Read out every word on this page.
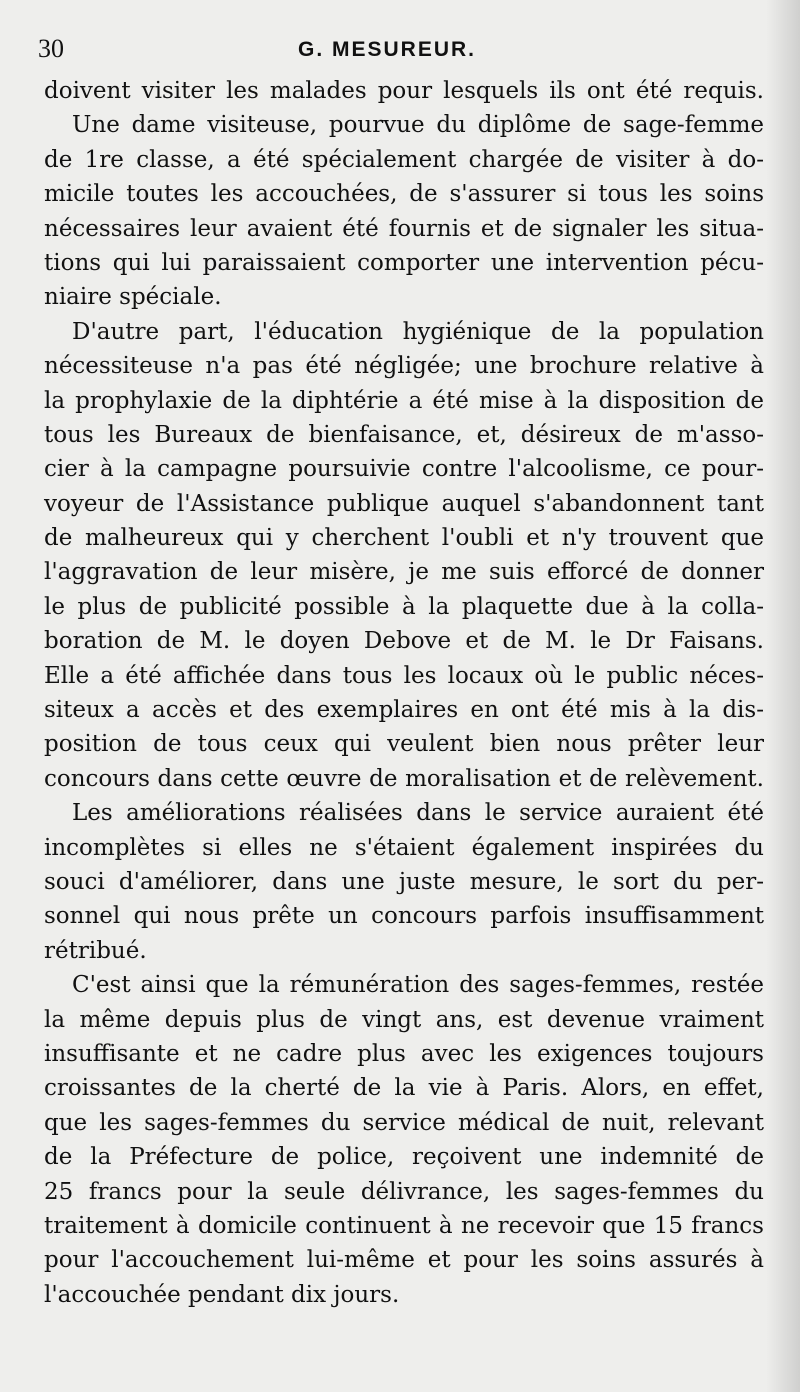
30	G. MESUREUR.
doivent visiter les malades pour lesquels ils ont été requis.
Une dame visiteuse, pourvue du diplôme de sage-femme
de 1re classe, a été spécialement chargée de visiter à do-
micile toutes les accouchées, de s'assurer si tous les soins
nécessaires leur avaient été fournis et de signaler les situa-
tions qui lui paraissaient comporter une intervention pécu-
niaire spéciale.
D'autre part, l'éducation hygiénique de la population
nécessiteuse n'a pas été négligée; une brochure relative à
la prophylaxie de la diphtérie a été mise à la disposition de
tous les Bureaux de bienfaisance, et, désireux de m'asso-
cier à la campagne poursuivie contre l'alcoolisme, ce pour-
voyeur de l'Assistance publique auquel s'abandonnent tant
de malheureux qui y cherchent l'oubli et n'y trouvent que
l'aggravation de leur misère, je me suis efforcé de donner
le plus de publicité possible à la plaquette due à la colla-
boration de M. le doyen Debove et de M. le Dr Faisans.
Elle a été affichée dans tous les locaux où le public néces-
siteux a accès et des exemplaires en ont été mis à la dis-
position de tous ceux qui veulent bien nous prêter leur
concours dans cette œuvre de moralisation et de relèvement.
Les améliorations réalisées dans le service auraient été
incomplètes si elles ne s'étaient également inspirées du
souci d'améliorer, dans une juste mesure, le sort du per-
sonnel qui nous prête un concours parfois insuffisamment
rétribué.
C'est ainsi que la rémunération des sages-femmes, restée
la même depuis plus de vingt ans, est devenue vraiment
insuffisante et ne cadre plus avec les exigences toujours
croissantes de la cherté de la vie à Paris. Alors, en effet,
que les sages-femmes du service médical de nuit, relevant
de la Préfecture de police, reçoivent une indemnité de
25 francs pour la seule délivrance, les sages-femmes du
traitement à domicile continuent à ne recevoir que 15 francs
pour l'accouchement lui-même et pour les soins assurés à
l'accouchée pendant dix jours.
